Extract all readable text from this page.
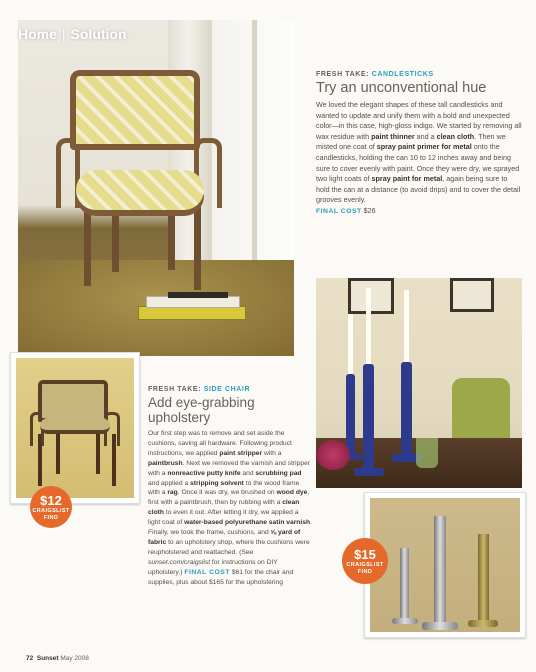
Home | Solution
$12
CRAIGSLIST FIND
FRESH TAKE: CANDLESTICKS
Try an unconventional hue
We loved the elegant shapes of these tall candlesticks and wanted to update and unify them with a bold and unexpected color—in this case, high-gloss indigo. We started by removing all wax residue with paint thinner and a clean cloth. Then we misted one coat of spray paint primer for metal onto the candlesticks, holding the can 10 to 12 inches away and being sure to cover evenly with paint. Once they were dry, we sprayed two light coats of spray paint for metal, again being sure to hold the can at a distance (to avoid drips) and to cover the detail grooves evenly.
FINAL COST $26
$15
CRAIGSLIST FIND
FRESH TAKE: SIDE CHAIR
Add eye-grabbing upholstery
Our first step was to remove and set aside the cushions, saving all hardware. Following product instructions, we applied paint stripper with a paintbrush. Next we removed the varnish and stripper with a nonreactive putty knife and scrubbing pad and applied a stripping solvent to the wood frame with a rag. Once it was dry, we brushed on wood dye, first with a paintbrush, then by rubbing with a clean cloth to even it out. After letting it dry, we applied a light coat of water-based polyurethane satin varnish. Finally, we took the frame, cushions, and ⅝ yard of fabric to an upholstery shop, where the cushions were reupholstered and reattached. (See sunset.com/craigslist for instructions on DIY upholstery.) FINAL COST $61 for the chair and supplies, plus about $165 for the upholstering
72 Sunset May 2008
